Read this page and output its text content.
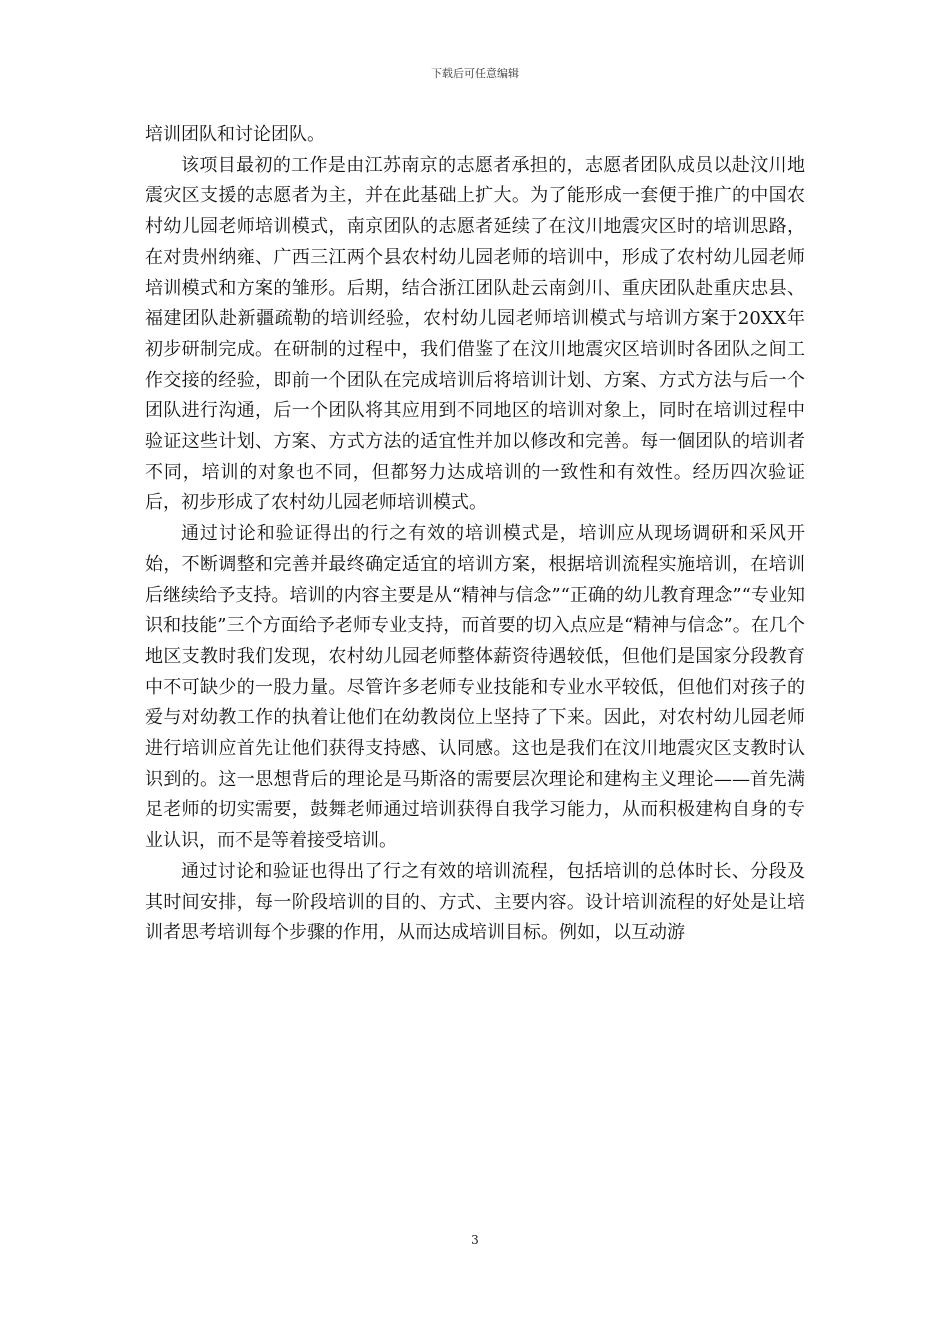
下载后可任意编辑

培训团队和讨论团队。

该项目最初的工作是由江苏南京的志愿者承担的，志愿者团队成员以赴汶川地震灾区支援的志愿者为主，并在此基础上扩大。为了能形成一套便于推广的中国农村幼儿园老师培训模式，南京团队的志愿者延续了在汶川地震灾区时的培训思路，在对贵州纳雍、广西三江两个县农村幼儿园老师的培训中，形成了农村幼儿园老师培训模式和方案的雏形。后期，结合浙江团队赴云南剑川、重庆团队赴重庆忠县、福建团队赴新疆疏勒的培训经验，农村幼儿园老师培训模式与培训方案于20XX年初步研制完成。在研制的过程中，我们借鉴了在汶川地震灾区培训时各团队之间工作交接的经验，即前一个团队在完成培训后将培训计划、方案、方式方法与后一个团队进行沟通，后一个团队将其应用到不同地区的培训对象上，同时在培训过程中验证这些计划、方案、方式方法的适宜性并加以修改和完善。每一個团队的培训者不同，培训的对象也不同，但都努力达成培训的一致性和有效性。经历四次验证后，初步形成了农村幼儿园老师培训模式。

通过讨论和验证得出的行之有效的培训模式是，培训应从现场调研和采风开始，不断调整和完善并最终确定适宜的培训方案，根据培训流程实施培训，在培训后继续给予支持。培训的内容主要是从“精神与信念”“正确的幼儿教育理念”“专业知识和技能”三个方面给予老师专业支持，而首要的切入点应是“精神与信念”。在几个地区支教时我们发现，农村幼儿园老师整体薪资待遇较低，但他们是国家分段教育中不可缺少的一股力量。尽管许多老师专业技能和专业水平较低，但他们对孩子的爱与对幼教工作的执着让他们在幼教岗位上坚持了下来。因此，对农村幼儿园老师进行培训应首先让他们获得支持感、认同感。这也是我们在汶川地震灾区支教时认识到的。这一思想背后的理论是马斯洛的需要层次理论和建构主义理论——首先满足老师的切实需要，鼓舞老师通过培训获得自我学习能力，从而积极建构自身的专业认识，而不是等着接受培训。

通过讨论和验证也得出了行之有效的培训流程，包括培训的总体时长、分段及其时间安排，每一阶段培训的目的、方式、主要内容。设计培训流程的好处是让培训者思考培训每个步骤的作用，从而达成培训目标。例如，以互动游

3
